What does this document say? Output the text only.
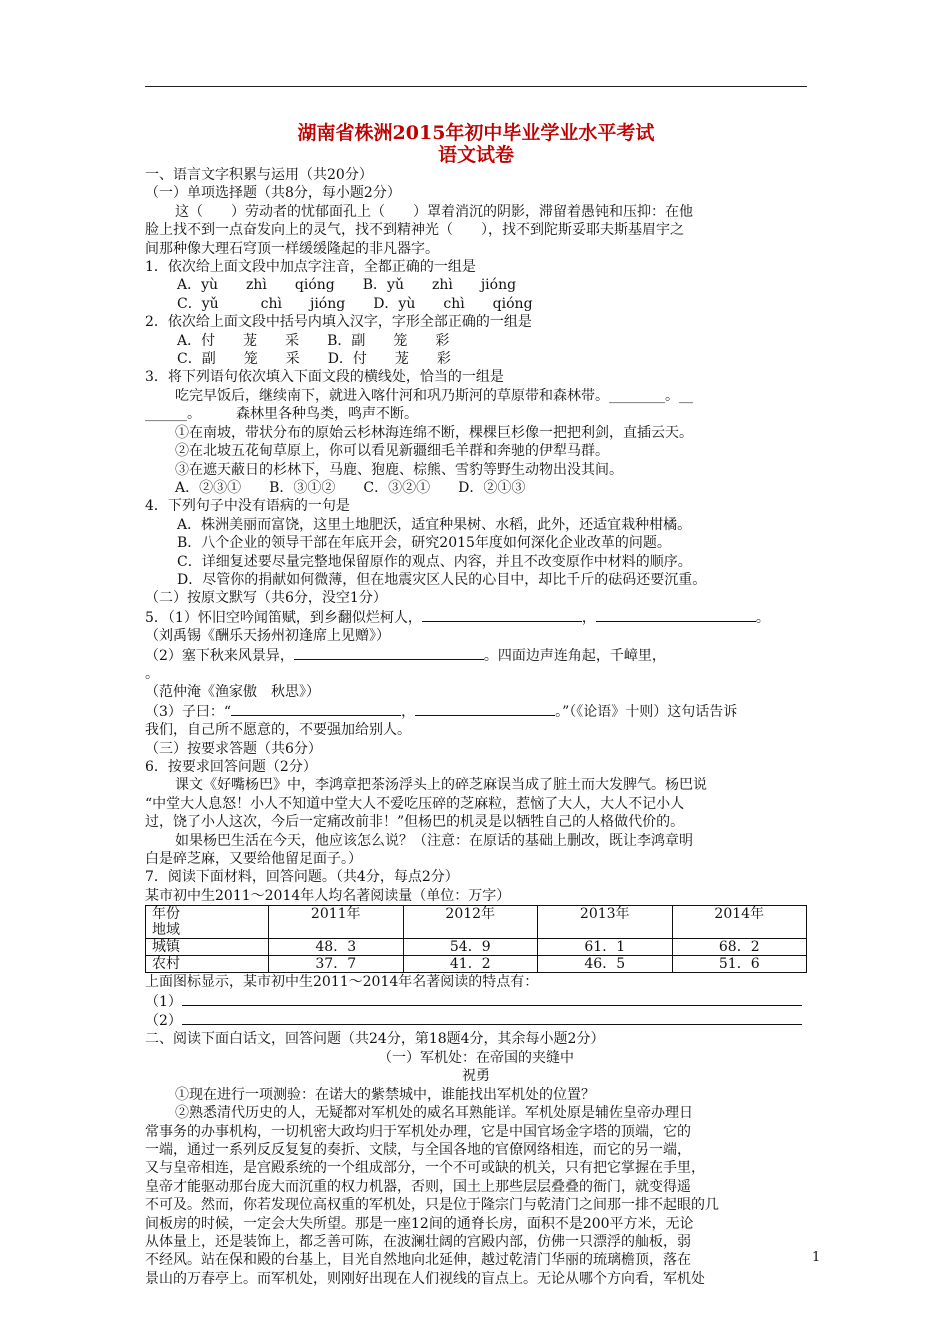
湖南省株洲2015年初中毕业学业水平考试
语文试卷
一、语言文字积累与运用（共20分）
（一）单项选择题（共8分，每小题2分）
这（　　）劳动者的忧郁面孔上（　　）罩着消沉的阴影，滞留着愚钝和压抑：在他
脸上找不到一点奋发向上的灵气，找不到精神光（　　），找不到陀斯妥耶夫斯基眉宇之
间那种像大理石穹顶一样缓缓隆起的非凡器字。
1．依次给上面文段中加点字注音，全都正确的一组是
A．yù　　zhì　　qióng　　B．yǔ　　zhì　　jióng
C．yǔ　　　chì　　jióng　　D．yù　　chì　　qióng
2．依次给上面文段中括号内填入汉字，字形全部正确的一组是
A．付　　茏　　采　　B．副　　笼　　彩
C．副　　笼　　采　　D．付　　茏　　彩
3．将下列语句依次填入下面文段的横线处，恰当的一组是
吃完早饭后，继续南下，就进入喀什河和巩乃斯河的草原带和森林带。________。__
______。　　　森林里各种鸟类，鸣声不断。
①在南坡，带状分布的原始云杉林海连绵不断，棵棵巨杉像一把把利剑，直插云天。
②在北坡五花甸草原上，你可以看见新疆细毛羊群和奔驰的伊犁马群。
③在遮天蔽日的杉林下，马鹿、狍鹿、棕熊、雪豹等野生动物出没其间。
A．②③①　　B．③①②　　C．③②①　　D．②①③
4．下列句子中没有语病的一句是
A．株洲美丽而富饶，这里土地肥沃，适宜种果树、水稻，此外，还适宜栽种柑橘。
B．八个企业的领导干部在年底开会，研究2015年度如何深化企业改革的问题。
C．详细复述要尽量完整地保留原作的观点、内容，并且不改变原作中材料的顺序。
D．尽管你的捐献如何微薄，但在地震灾区人民的心目中，却比千斤的砝码还要沉重。
（二）按原文默写（共6分，没空1分）
5．（1）怀旧空吟闻笛赋，到乡翻似烂柯人，	，	。
（刘禹锡《酬乐天扬州初逢席上见赠》）
（2）塞下秋来风景异，	。四面边声连角起，千嶂里，
。
（范仲淹《渔家傲　秋思》）
（3）子曰：“	，	。”（《论语》十则）这句话告诉
我们，自己所不愿意的，不要强加给别人。
（三）按要求答题（共6分）
6．按要求回答问题（2分）
课文《好嘴杨巴》中，李鸿章把茶汤浮头上的碎芝麻误当成了脏土而大发脾气。杨巴说
“中堂大人息怒！小人不知道中堂大人不爱吃压碎的芝麻粒，惹恼了大人，大人不记小人
过，饶了小人这次，今后一定痛改前非！”但杨巴的机灵是以牺牲自己的人格做代价的。
如果杨巴生活在今天，他应该怎么说？（注意：在原话的基础上删改，既让李鸿章明
白是碎芝麻，又要给他留足面子。）
7．阅读下面材料，回答问题。（共4分，每点2分）
某市初中生2011～2014年人均名著阅读量（单位：万字）
年份
地域	2011年	2012年	2013年	2014年
城镇	48．3	54．9	61．1	68．2
农村	37．7	41．2	46．5	51．6
上面图标显示，某市初中生2011～2014年名著阅读的特点有：
（1）
（2）
二、阅读下面白话文，回答问题（共24分，第18题4分，其余每小题2分）
（一）军机处：在帝国的夹缝中
祝勇
①现在进行一项测验：在诺大的紫禁城中，谁能找出军机处的位置？
②熟悉清代历史的人，无疑都对军机处的威名耳熟能详。军机处原是辅佐皇帝办理日
常事务的办事机构，一切机密大政均归于军机处办理，它是中国官场金字塔的顶端，它的
一端，通过一系列反反复复的奏折、文牍，与全国各地的官僚网络相连，而它的另一端，
又与皇帝相连，是宫殿系统的一个组成部分，一个不可或缺的机关，只有把它掌握在手里，
皇帝才能驱动那台庞大而沉重的权力机器，否则，国土上那些层层叠叠的衙门，就变得遥
不可及。然而，你若发现位高权重的军机处，只是位于隆宗门与乾清门之间那一排不起眼的几
间板房的时候，一定会大失所望。那是一座12间的通脊长房，面积不是200平方米，无论
从体量上，还是装饰上，都乏善可陈，在波澜壮阔的宫殿内部，仿佛一只漂浮的舢板，弱
不经风。站在保和殿的台基上，目光自然地向北延伸，越过乾清门华丽的琉璃檐顶，落在
景山的万春亭上。而军机处，则刚好出现在人们视线的盲点上。无论从哪个方向看，军机处
1
